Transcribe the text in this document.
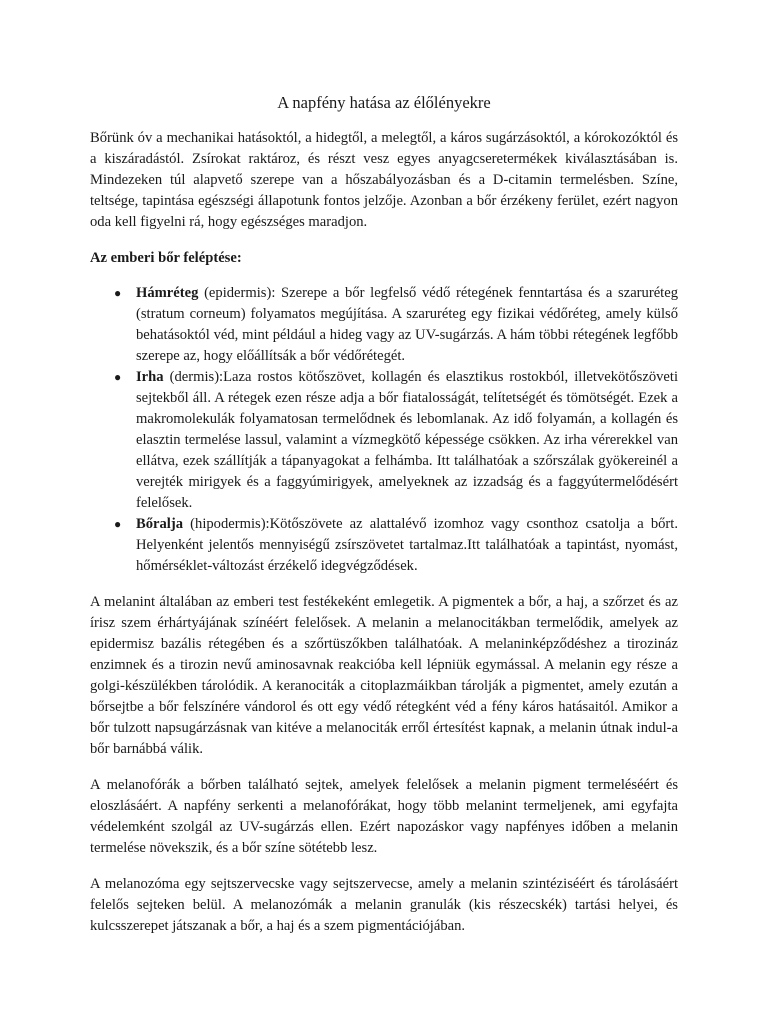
A napfény hatása az élőlényekre

Bőrünk óv a mechanikai hatásoktól, a hidegtől, a melegtől, a káros sugárzásoktól, a kórokozóktól és a kiszáradástól. Zsírokat raktároz, és részt vesz egyes anyagcseretermékek kiválasztásában is. Mindezeken túl alapvető szerepe van a hőszabályozásban és a D-citamin termelésben. Színe, teltsége, tapintása egészségi állapotunk fontos jelzője. Azonban a bőr érzékeny ferület, ezért nagyon oda kell figyelni rá, hogy egészséges maradjon.

Az emberi bőr feléptése:

● Hámréteg (epidermis): Szerepe a bőr legfelső védő rétegének fenntartása és a szaruréteg (stratum corneum) folyamatos megújítása. A szaruréteg egy fizikai védőréteg, amely külső behatásoktól véd, mint például a hideg vagy az UV-sugárzás. A hám többi rétegének legfőbb szerepe az, hogy előállítsák a bőr védőrétegét.
● Irha (dermis):Laza rostos kötőszövet, kollagén és elasztikus rostokból, illetvekötőszöveti sejtekből áll. A rétegek ezen része adja a bőr fiatalosságát, telítetségét és tömötségét. Ezek a makromolekulák folyamatosan termelődnek és lebomlanak. Az idő folyamán, a kollagén és elasztin termelése lassul, valamint a vízmegkötő képessége csökken. Az irha vérerekkel van ellátva, ezek szállítják a tápanyagokat a felhámba. Itt találhatóak a szőrszálak gyökereinél a verejték mirigyek és a faggyúmirigyek, amelyeknek az izzadság és a faggyútermelődésért felelősek.
● Bőralja (hipodermis):Kötőszövete az alattalévő izomhoz vagy csonthoz csatolja a bőrt. Helyenként jelentős mennyiségű zsírszövetet tartalmaz.Itt találhatóak a tapintást, nyomást, hőmérséklet-változást érzékelő idegvégződések.

A melanint általában az emberi test festékeként emlegetik. A pigmentek a bőr, a haj, a szőrzet és az írisz szem érhártyájának színéért felelősek. A melanin a melanocitákban termelődik, amelyek az epidermisz bazális rétegében és a szőrtüszőkben találhatóak. A melaninképződéshez a tirozináz enzimnek és a tirozin nevű aminosavnak reakcióba kell lépniük egymással. A melanin egy része a golgi-készülékben tárolódik. A keranociták a citoplazmáikban tárolják a pigmentet, amely ezután a bőrsejtbe a bőr felszínére vándorol és ott egy védő rétegként véd a fény káros hatásaitól. Amikor a bőr tulzott napsugárzásnak van kitéve a melanociták erről értesítést kapnak, a melanin útnak indul-a bőr barnábbá válik.

A melanofórák a bőrben található sejtek, amelyek felelősek a melanin pigment termeléséért és eloszlásáért. A napfény serkenti a melanofórákat, hogy több melanint termeljenek, ami egyfajta védelemként szolgál az UV-sugárzás ellen. Ezért napozáskor vagy napfényes időben a melanin termelése növekszik, és a bőr színe sötétebb lesz.

A melanozóma egy sejtszervecske vagy sejtszervecse, amely a melanin szintéziséért és tárolásáért felelős sejteken belül. A melanozómák a melanin granulák (kis részecskék) tartási helyei, és kulcsszerepet játszanak a bőr, a haj és a szem pigmentációjában.
